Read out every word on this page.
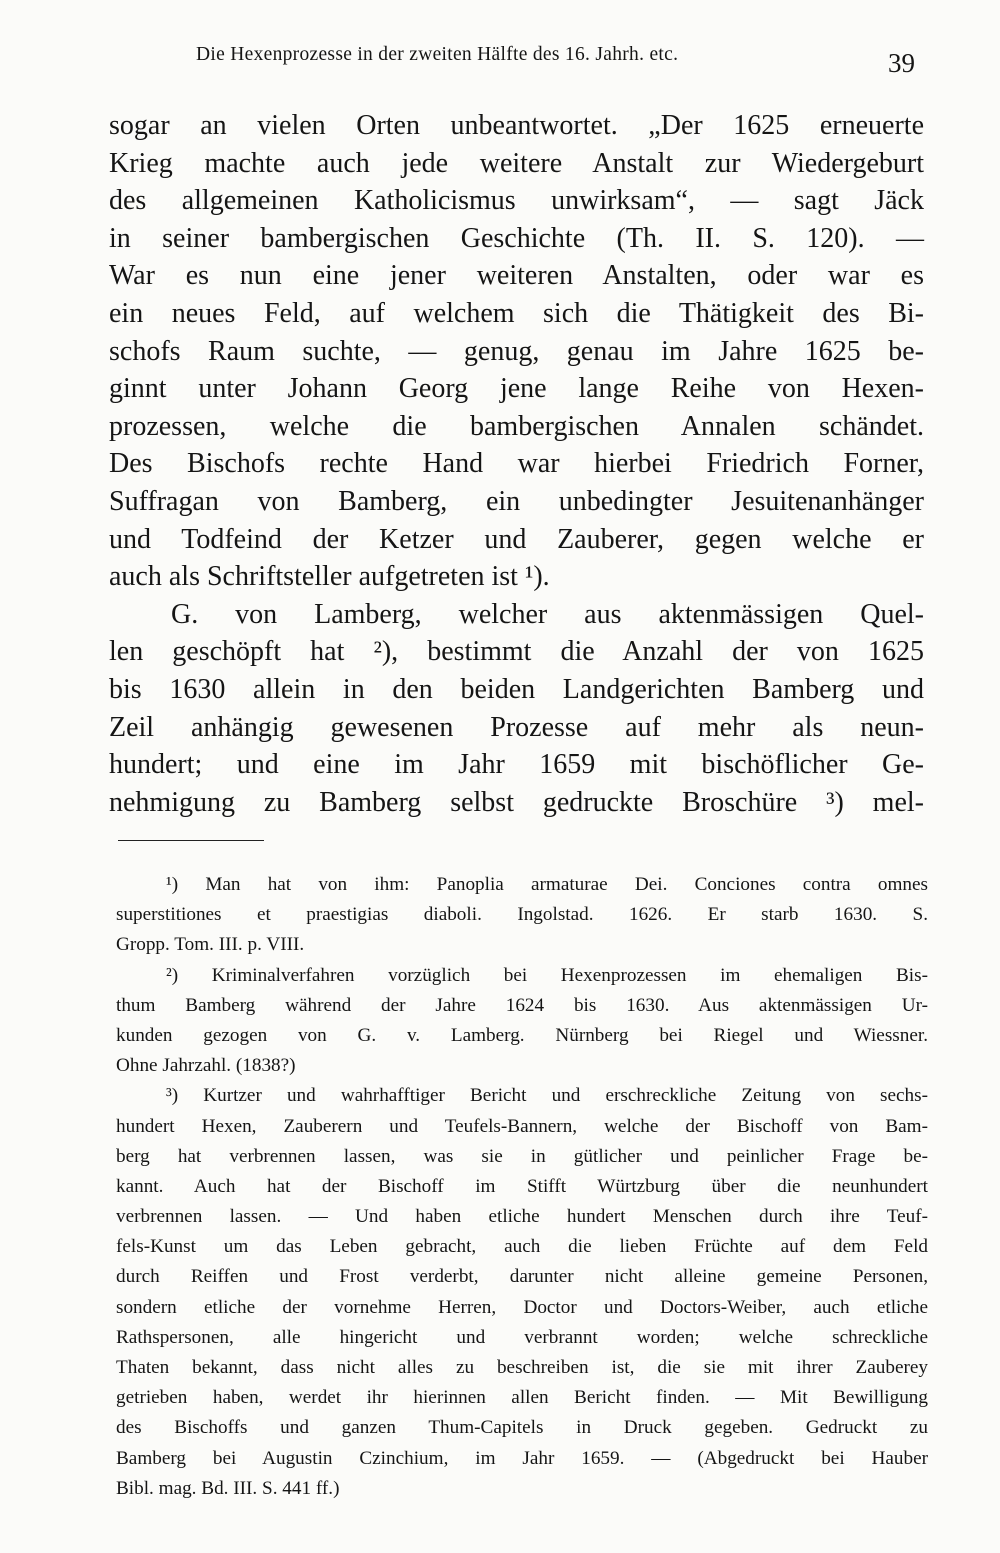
Die Hexenprozesse in der zweiten Hälfte des 16. Jahrh. etc.	39
sogar an vielen Orten unbeantwortet. „Der 1625 erneuerte
Krieg machte auch jede weitere Anstalt zur Wiedergeburt
des allgemeinen Katholicismus unwirksam“, — sagt Jäck
in seiner bambergischen Geschichte (Th. II. S. 120). —
War es nun eine jener weiteren Anstalten, oder war es
ein neues Feld, auf welchem sich die Thätigkeit des Bi-
schofs Raum suchte, — genug, genau im Jahre 1625 be-
ginnt unter Johann Georg jene lange Reihe von Hexen-
prozessen, welche die bambergischen Annalen schändet.
Des Bischofs rechte Hand war hierbei Friedrich Forner,
Suffragan von Bamberg, ein unbedingter Jesuitenanhänger
und Todfeind der Ketzer und Zauberer, gegen welche er
auch als Schriftsteller aufgetreten ist ¹).
G. von Lamberg, welcher aus aktenmässigen Quel-
len geschöpft hat ²), bestimmt die Anzahl der von 1625
bis 1630 allein in den beiden Landgerichten Bamberg und
Zeil anhängig gewesenen Prozesse auf mehr als neun-
hundert; und eine im Jahr 1659 mit bischöflicher Ge-
nehmigung zu Bamberg selbst gedruckte Broschüre ³) mel-
¹) Man hat von ihm: Panoplia armaturae Dei. Conciones contra omnes
superstitiones et praestigias diaboli. Ingolstad. 1626. Er starb 1630. S.
Gropp. Tom. III. p. VIII.
²) Kriminalverfahren vorzüglich bei Hexenprozessen im ehemaligen Bis-
thum Bamberg während der Jahre 1624 bis 1630. Aus aktenmässigen Ur-
kunden gezogen von G. v. Lamberg. Nürnberg bei Riegel und Wiessner.
Ohne Jahrzahl. (1838?)
³) Kurtzer und wahrhafftiger Bericht und erschreckliche Zeitung von sechs-
hundert Hexen, Zauberern und Teufels-Bannern, welche der Bischoff von Bam-
berg hat verbrennen lassen, was sie in gütlicher und peinlicher Frage be-
kannt. Auch hat der Bischoff im Stifft Würtzburg über die neunhundert
verbrennen lassen. — Und haben etliche hundert Menschen durch ihre Teuf-
fels-Kunst um das Leben gebracht, auch die lieben Früchte auf dem Feld
durch Reiffen und Frost verderbt, darunter nicht alleine gemeine Personen,
sondern etliche der vornehme Herren, Doctor und Doctors-Weiber, auch etliche
Rathspersonen, alle hingericht und verbrannt worden; welche schreckliche
Thaten bekannt, dass nicht alles zu beschreiben ist, die sie mit ihrer Zauberey
getrieben haben, werdet ihr hierinnen allen Bericht finden. — Mit Bewilligung
des Bischoffs und ganzen Thum-Capitels in Druck gegeben. Gedruckt zu
Bamberg bei Augustin Czinchium, im Jahr 1659. — (Abgedruckt bei Hauber
Bibl. mag. Bd. III. S. 441 ff.)
